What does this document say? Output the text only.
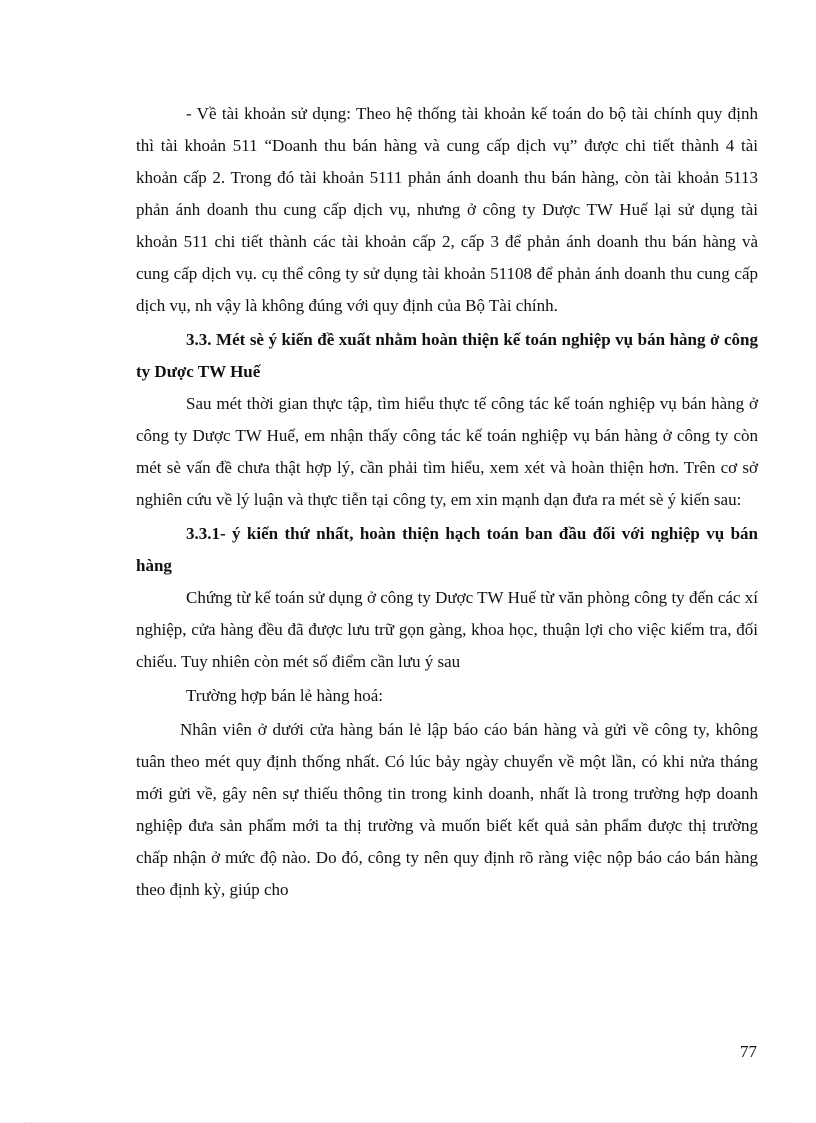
- Về tài khoản sử dụng: Theo hệ thống tài khoản kế toán do bộ tài chính quy định thì tài khoản 511 “Doanh thu bán hàng và cung cấp dịch vụ” được chi tiết thành 4 tài khoản cấp 2. Trong đó tài khoản 5111 phản ánh doanh thu bán hàng, còn tài khoản 5113 phản ánh doanh thu cung cấp dịch vụ, nhưng ở công ty Dược TW Huế lại sử dụng tài khoản 511 chi tiết thành các tài khoản cấp 2, cấp 3 để phản ánh doanh thu bán hàng và cung cấp dịch vụ. cụ thể công ty sử dụng tài khoản 51108 để phản ánh doanh thu cung cấp dịch vụ, nh vậy là không đúng với quy định của Bộ Tài chính.

3.3. Mét sè ý kiến đề xuất nhằm hoàn thiện kế toán nghiệp vụ bán hàng ở công ty Dược TW Huế

Sau mét thời gian thực tập, tìm hiểu thực tế công tác kế toán nghiệp vụ bán hàng ở công ty Dược TW Huế, em nhận thấy công tác kế toán nghiệp vụ bán hàng ở công ty còn mét sè vấn đề chưa thật hợp lý, cần phải tìm hiểu, xem xét và hoàn thiện hơn. Trên cơ sở nghiên cứu về lý luận và thực tiễn tại công ty, em xin mạnh dạn đưa ra mét sè ý kiến sau:

3.3.1- ý kiến thứ nhất, hoàn thiện hạch toán ban đầu đối với nghiệp vụ bán hàng

Chứng từ kế toán sử dụng ở công ty Dược TW Huế từ văn phòng công ty đến các xí nghiệp, cửa hàng đều đã được lưu trữ gọn gàng, khoa học, thuận lợi cho việc kiểm tra, đối chiếu. Tuy nhiên còn mét số điểm cần lưu ý sau

Trường hợp bán lẻ hàng hoá:

Nhân viên ở dưới cửa hàng bán lẻ lập báo cáo bán hàng và gửi về công ty, không tuân theo mét quy định thống nhất. Có lúc bảy ngày chuyển về một lần, có khi nửa tháng mới gửi về, gây nên sự thiếu thông tin trong kinh doanh, nhất là trong trường hợp doanh nghiệp đưa sản phẩm mới ta thị trường và muốn biết kết quả sản phẩm được thị trường chấp nhận ở mức độ nào. Do đó, công ty nên quy định rõ ràng việc nộp báo cáo bán hàng theo định kỳ, giúp cho

77
